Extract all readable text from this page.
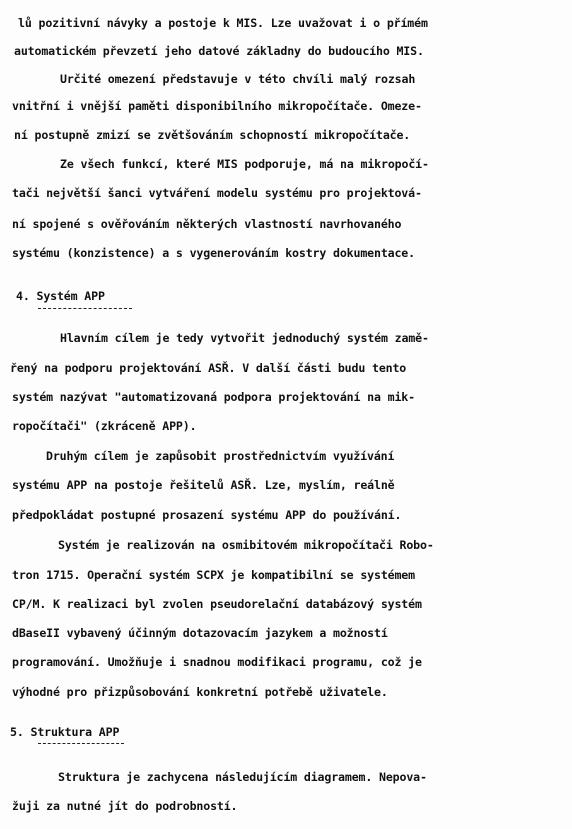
lů pozitivní návyky a postoje k MIS. Lze uvažovat i o přímém
automatickém převzetí jeho datové základny do budoucího MIS.
Určité omezení představuje v této chvíli malý rozsah
vnitřní i vnější paměti disponibilního mikropočítače. Omeze-
ní postupně zmizí se zvětšováním schopností mikropočítače.
Ze všech funkcí, které MIS podporuje, má na mikropočí-
tači největší šanci vytváření modelu systému pro projektová-
ní spojené s ověřováním některých vlastností navrhovaného
systému (konzistence) a s vygenerováním kostry dokumentace.
4. Systém APP
Hlavním cílem je tedy vytvořit jednoduchý systém zamě-
řený na podporu projektování ASŘ. V další části budu tento
systém nazývat "automatizovaná podpora projektování na mik-
ropočítači" (zkráceně APP).
Druhým cílem je zapůsobit prostřednictvím využívání
systému APP na postoje řešitelů ASŘ. Lze, myslím, reálně
předpokládat postupné prosazení systému APP do používání.
Systém je realizován na osmibitovém mikropočítači Robo-
tron 1715. Operační systém SCPX je kompatibilní se systémem
CP/M. K realizaci byl zvolen pseudorelační databázový systém
dBaseII vybavený účinným dotazovacím jazykem a možností
programování. Umožňuje i snadnou modifikaci programu, což je
výhodné pro přizpůsobování konkretní potřebě uživatele.
5. Struktura APP
Struktura je zachycena následujícím diagramem. Nepova-
žuji za nutné jít do podrobností.
